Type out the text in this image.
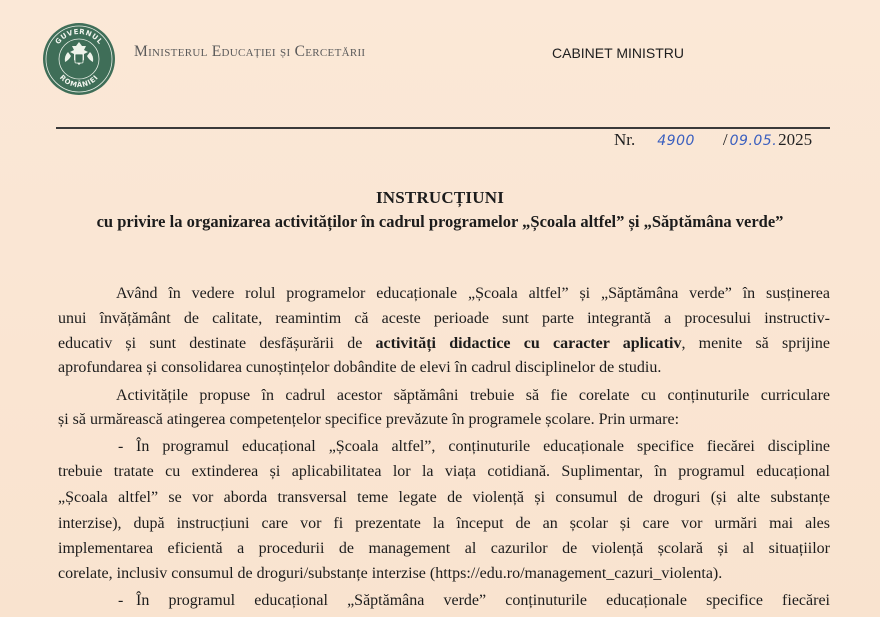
GUVERNUL
ROMÂNIEI
Ministerul Educației și Cercetării	CABINET MINISTRU
Nr. 4900 / 09.05.2025
INSTRUCȚIUNI
cu privire la organizarea activităților în cadrul programelor „Școala altfel” și „Săptămâna verde”
Având în vedere rolul programelor educaționale „Școala altfel” și „Săptămâna verde” în susținerea
unui învățământ de calitate, reamintim că aceste perioade sunt parte integrantă a procesului instructiv-
educativ și sunt destinate desfășurării de activități didactice cu caracter aplicativ, menite să sprijine
aprofundarea și consolidarea cunoștințelor dobândite de elevi în cadrul disciplinelor de studiu.
Activitățile propuse în cadrul acestor săptămâni trebuie să fie corelate cu conținuturile curriculare
și să urmărească atingerea competențelor specifice prevăzute în programele școlare. Prin urmare:
- În programul educațional „Școala altfel”, conținuturile educaționale specifice fiecărei discipline
trebuie tratate cu extinderea și aplicabilitatea lor la viața cotidiană. Suplimentar, în programul educațional
„Școala altfel” se vor aborda transversal teme legate de violență și consumul de droguri (și alte substanțe
interzise), după instrucțiuni care vor fi prezentate la început de an școlar și care vor urmări mai ales
implementarea eficientă a procedurii de management al cazurilor de violență școlară și al situațiilor
corelate, inclusiv consumul de droguri/substanțe interzise (https://edu.ro/management_cazuri_violenta).
- În programul educațional „Săptămâna verde” conținuturile educaționale specifice fiecărei
